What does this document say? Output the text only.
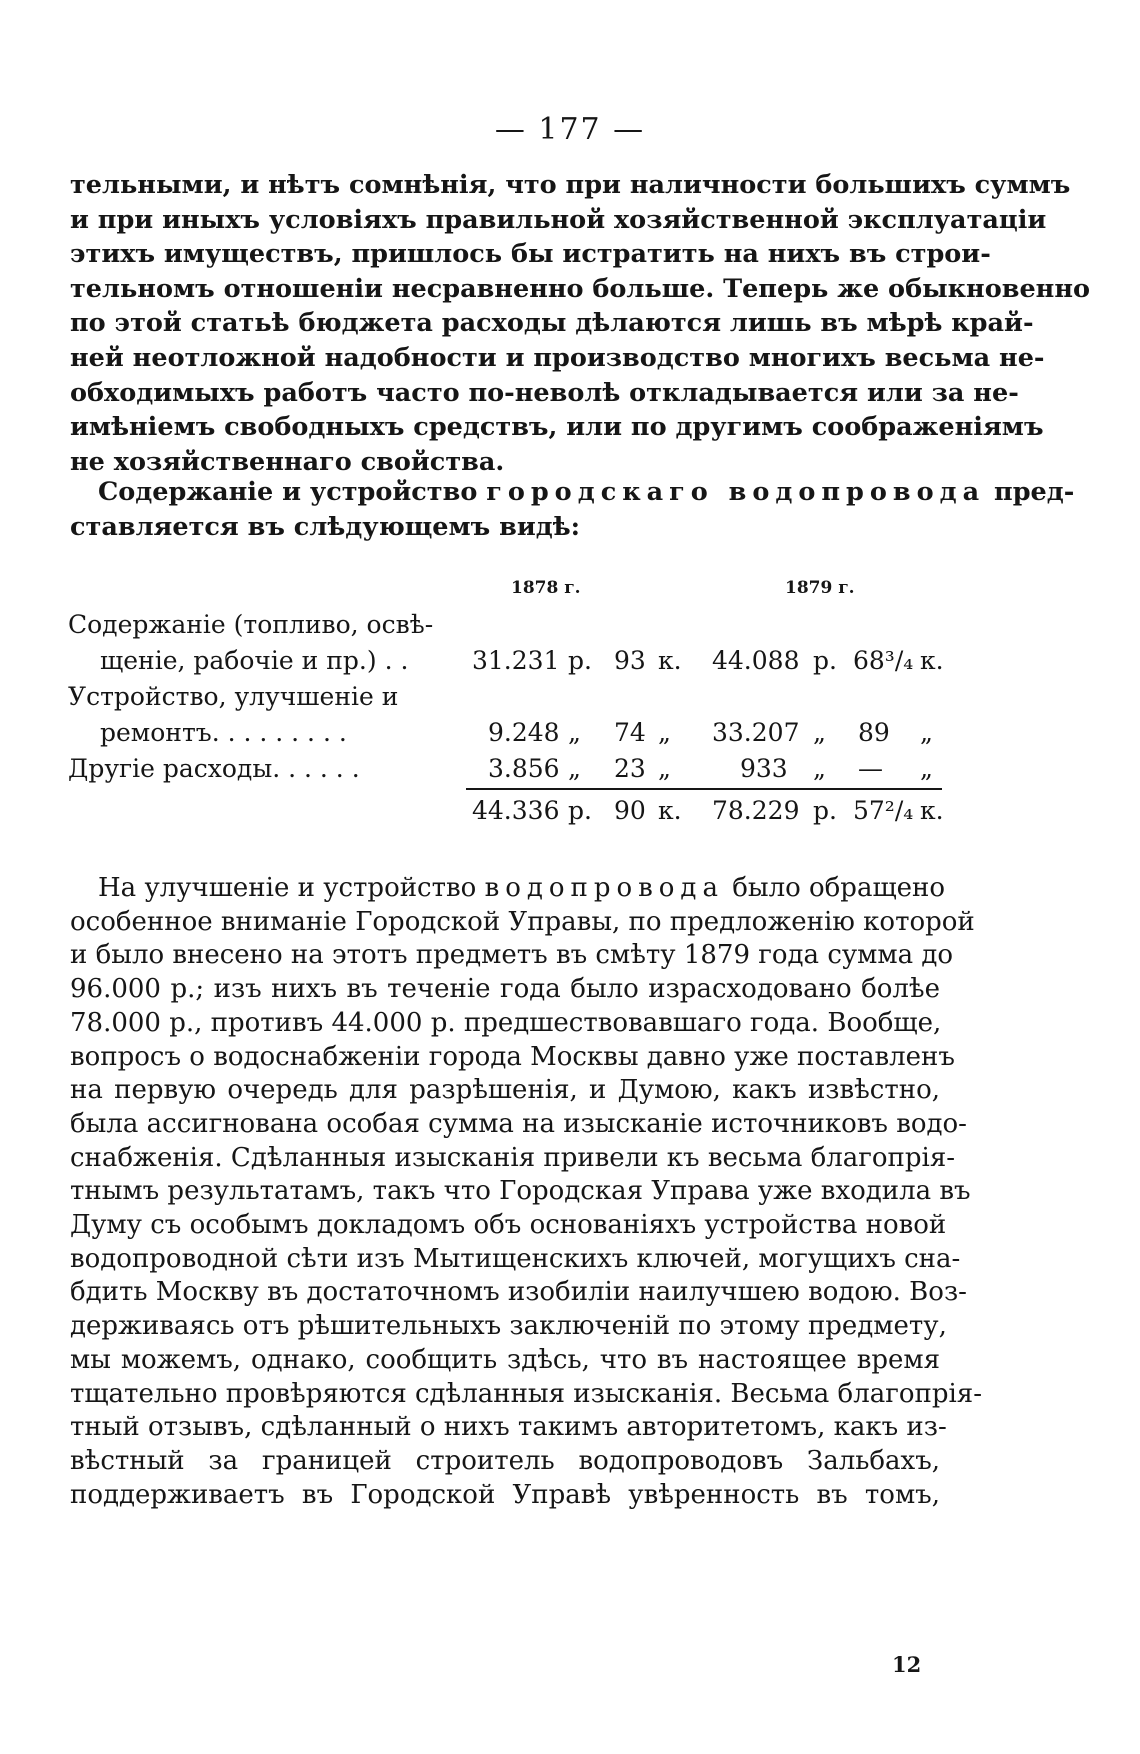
— 177 —
тельными, и нѣтъ сомнѣнія, что при наличности большихъ суммъ
и при иныхъ условіяхъ правильной хозяйственной эксплуатаціи
этихъ имуществъ, пришлось бы истратить на нихъ въ строи-
тельномъ отношеніи несравненно больше. Теперь же обыкновенно
по этой статьѣ бюджета расходы дѣлаются лишь въ мѣрѣ край-
ней неотложной надобности и производство многихъ весьма не-
обходимыхъ работъ часто по-неволѣ откладывается или за не-
имѣніемъ свободныхъ средствъ, или по другимъ соображеніямъ
не хозяйственнаго свойства.
Содержаніе и устройство городскаго водопровода пред-
ставляется въ слѣдующемъ видѣ:
1878 г.	1879 г.
Содержаніе (топливо, освѣ-
щеніе, рабочіе и пр.) . .	31.231 р. 93 к. 44.088 р. 68³/₄ к.
Устройство, улучшеніе и
ремонтъ. . . . . . . . .	9.248 „ 74 „ 33.207 „ 89 „
Другіе расходы. . . . . .	3.856 „ 23 „	933 „ — „
44.336 р. 90 к. 78.229 р. 57²/₄ к.
На улучшеніе и устройство водопровода было обращено
особенное вниманіе Городской Управы, по предложенію которой
и было внесено на этотъ предметъ въ смѣту 1879 года сумма до
96.000 р.; изъ нихъ въ теченіе года было израсходовано болѣе
78.000 р., противъ 44.000 р. предшествовавшаго года. Вообще,
вопросъ о водоснабженіи города Москвы давно уже поставленъ
на первую очередь для разрѣшенія, и Думою, какъ извѣстно,
была ассигнована особая сумма на изысканіе источниковъ водо-
снабженія. Сдѣланныя изысканія привели къ весьма благопрія-
тнымъ результатамъ, такъ что Городская Управа уже входила въ
Думу съ особымъ докладомъ объ основаніяхъ устройства новой
водопроводной сѣти изъ Мытищенскихъ ключей, могущихъ сна-
бдить Москву въ достаточномъ изобиліи наилучшею водою. Воз-
держиваясь отъ рѣшительныхъ заключеній по этому предмету,
мы можемъ, однако, сообщить здѣсь, что въ настоящее время
тщательно провѣряются сдѣланныя изысканія. Весьма благопрія-
тный отзывъ, сдѣланный о нихъ такимъ авторитетомъ, какъ из-
вѣстный за границей строитель водопроводовъ Зальбахъ,
поддерживаетъ въ Городской Управѣ увѣренность въ томъ,
12
